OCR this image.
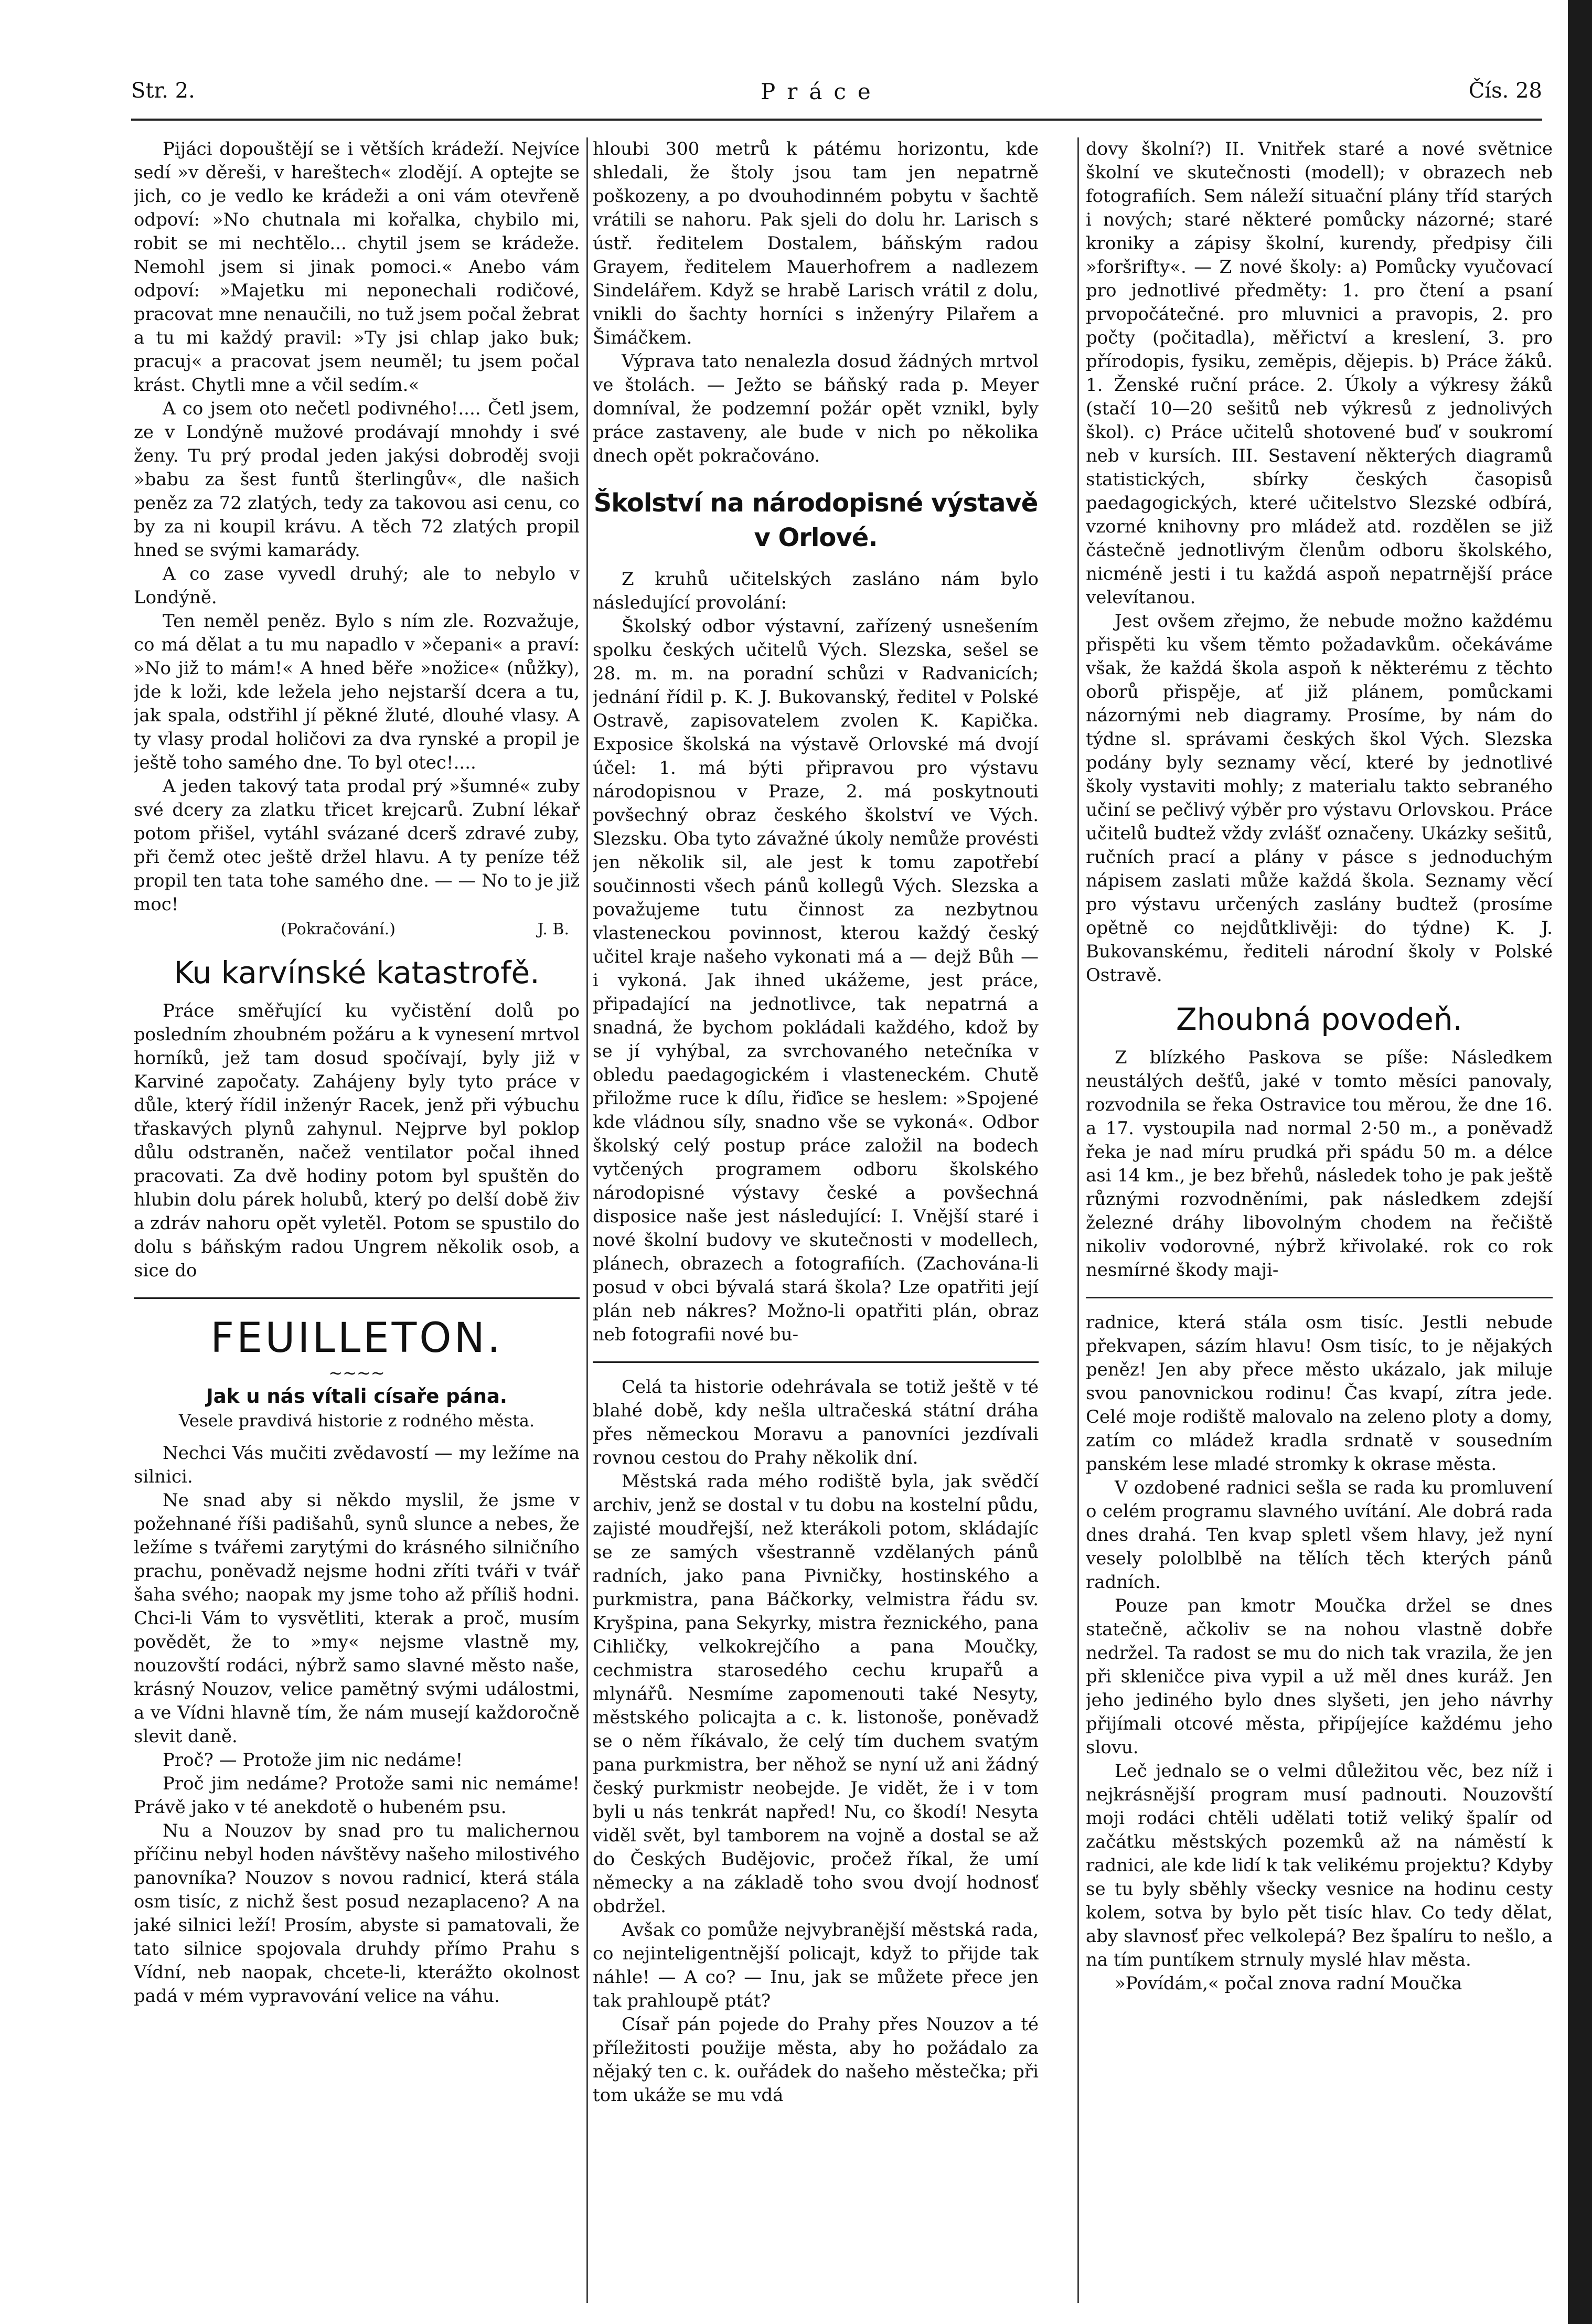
Str. 2.	Práce	Čís. 28

Pijáci dopouštějí se i větších krádeží. Nejvíce sedí »v děreši, v hareštech« zlodějí. A optejte se jich, co je vedlo ke krádeži a oni vám otevřeně odpoví: »No chutnala mi kořalka, chybilo mi, robit se mi nechtělo... chytil jsem se krádeže. Nemohl jsem si jinak pomoci.« Anebo vám odpoví: »Majetku mi neponechali rodičové, pracovat mne nenaučili, no tuž jsem počal žebrat a tu mi každý pravil: »Ty jsi chlap jako buk; pracuj« a pracovat jsem neuměl; tu jsem počal krást. Chytli mne a včil sedím.«

A co jsem oto nečetl podivného!.... Četl jsem, ze v Londýně mužové prodávají mnohdy i své ženy. Tu prý prodal jeden jakýsi dobroděj svoji »babu za šest funtů šterlingův«, dle našich peněz za 72 zlatých, tedy za takovou asi cenu, co by za ni koupil krávu. A těch 72 zlatých propil hned se svými kamarády.

A co zase vyvedl druhý; ale to nebylo v Londýně.

Ten neměl peněz. Bylo s ním zle. Rozvažuje, co má dělat a tu mu napadlo v »čepani« a praví: »No již to mám!« A hned běře »nožice« (nůžky), jde k loži, kde ležela jeho nejstarší dcera a tu, jak spala, odstřihl jí pěkné žluté, dlouhé vlasy. A ty vlasy prodal holičovi za dva rynské a propil je ještě toho samého dne. To byl otec!....

A jeden takový tata prodal prý »šumné« zuby své dcery za zlatku třicet krejcarů. Zubní lékař potom přišel, vytáhl svázané dcerš zdravé zuby, při čemž otec ještě držel hlavu. A ty peníze též propil ten tata tohe samého dne. — — No to je již moc!

(Pokračování.)	J. B.
Ku karvínské katastrofě.

Práce směřující ku vyčistění dolů po posledním zhoubném požáru a k vynesení mrtvol horníků, jež tam dosud spočívají, byly již v Karviné započaty. Zahájeny byly tyto práce v důle, který řídil inženýr Racek, jenž při výbuchu třaskavých plynů zahynul. Nejprve byl poklop důlu odstraněn, načež ventilator počal ihned pracovati. Za dvě hodiny potom byl spuštěn do hlubin dolu párek holubů, který po delší době živ a zdráv nahoru opět vyletěl. Potom se spustilo do dolu s báňským radou Ungrem několik osob, a sice do

FEUILLETON.
~~~~
Jak u nás vítali císaře pána.
Vesele pravdivá historie z rodného města.

Nechci Vás mučiti zvědavostí — my ležíme na silnici.

Ne snad aby si někdo myslil, že jsme v požehnané říši padišahů, synů slunce a nebes, že ležíme s tvářemi zarytými do krásného silničního prachu, poněvadž nejsme hodni zříti tváři v tvář šaha svého; naopak my jsme toho až příliš hodni. Chci-li Vám to vysvětliti, kterak a proč, musím povědět, že to »my« nejsme vlastně my, nouzovští rodáci, nýbrž samo slavné město naše, krásný Nouzov, velice pamětný svými událostmi, a ve Vídni hlavně tím, že nám musejí každoročně slevit daně.

Proč? — Protože jim nic nedáme!

Proč jim nedáme? Protože sami nic nemáme! Právě jako v té anekdotě o hubeném psu.

Nu a Nouzov by snad pro tu malichernou příčinu nebyl hoden návštěvy našeho milostivého panovníka? Nouzov s novou radnicí, která stála osm tisíc, z nichž šest posud nezaplaceno? A na jaké silnici leží! Prosím, abyste si pamatovali, že tato silnice spojovala druhdy přímo Prahu s Vídní, neb naopak, chcete-li, kterážto okolnost padá v mém vypravování velice na váhu.

hloubi 300 metrů k pátému horizontu, kde shledali, že štoly jsou tam jen nepatrně poškozeny, a po dvouhodinném pobytu v šachtě vrátili se nahoru. Pak sjeli do dolu hr. Larisch s ústř. ředitelem Dostalem, báňským radou Grayem, ředitelem Mauerhofrem a nadlezem Sindelářem. Když se hrabě Larisch vrátil z dolu, vnikli do šachty horníci s inženýry Pilařem a Šimáčkem.

Výprava tato nenalezla dosud žádných mrtvol ve štolách. — Ježto se báňský rada p. Meyer domníval, že podzemní požár opět vznikl, byly práce zastaveny, ale bude v nich po několika dnech opět pokračováno.

Školství na národopisné výstavě v Orlové.

Z kruhů učitelských zasláno nám bylo následující provolání:

Školský odbor výstavní, zařízený usnešením spolku českých učitelů Vých. Slezska, sešel se 28. m. m. na poradní schůzi v Radvanicích; jednání řídil p. K. J. Bukovanský, ředitel v Polské Ostravě, zapisovatelem zvolen K. Kapička. Exposice školská na výstavě Orlovské má dvojí účel: 1. má býti připravou pro výstavu národopisnou v Praze, 2. má poskytnouti povšechný obraz českého školství ve Vých. Slezsku. Oba tyto závažné úkoly nemůže provésti jen několik sil, ale jest k tomu zapotřebí součinnosti všech pánů kollegů Vých. Slezska a považujeme tutu činnost za nezbytnou vlasteneckou povinnost, kterou každý český učitel kraje našeho vykonati má a — dejž Bůh — i vykoná. Jak ihned ukážeme, jest práce, připadající na jednotlivce, tak nepatrná a snadná, že bychom pokládali každého, kdož by se jí vyhýbal, za svrchovaného netečníka v obledu paedagogickém i vlasteneckém. Chutě přiložme ruce k dílu, řiďice se heslem: »Spojené kde vládnou síly, snadno vše se vykoná«. Odbor školský celý postup práce založil na bodech vytčených programem odboru školského národopisné výstavy české a povšechná disposice naše jest následující: I. Vnější staré i nové školní budovy ve skutečnosti v modellech, plánech, obrazech a fotografiích. (Zachována-li posud v obci bývalá stará škola? Lze opatřiti její plán neb nákres? Možno-li opatřiti plán, obraz neb fotografii nové bu-

Celá ta historie odehrávala se totiž ještě v té blahé době, kdy nešla ultračeská státní dráha přes německou Moravu a panovníci jezdívali rovnou cestou do Prahy několik dní.

Městská rada mého rodiště byla, jak svědčí archiv, jenž se dostal v tu dobu na kostelní půdu, zajisté moudřejší, než kterákoli potom, skládajíc se ze samých všestranně vzdělaných pánů radních, jako pana Pivničky, hostinského a purkmistra, pana Báčkorky, velmistra řádu sv. Kryšpina, pana Sekyrky, mistra řeznického, pana Cihličky, velkokrejčího a pana Moučky, cechmistra starosedého cechu krupařů a mlynářů. Nesmíme zapomenouti také Nesyty, městského policajta a c. k. listonoše, poněvadž se o něm říkávalo, že celý tím duchem svatým pana purkmistra, ber něhož se nyní už ani žádný český purkmistr neobejde. Je vidět, že i v tom byli u nás tenkrát napřed! Nu, co škodí! Nesyta viděl svět, byl tamborem na vojně a dostal se až do Českých Budějovic, pročež říkal, že umí německy a na základě toho svou dvojí hodnosť obdržel.

Avšak co pomůže nejvybranější městská rada, co nejinteligentnější policajt, když to přijde tak náhle! — A co? — Inu, jak se můžete přece jen tak prahloupě ptát?

Císař pán pojede do Prahy přes Nouzov a té příležitosti použije města, aby ho požádalo za nějaký ten c. k. ouřádek do našeho městečka; při tom ukáže se mu vdá

dovy školní?) II. Vnitřek staré a nové světnice školní ve skutečnosti (modell); v obrazech neb fotografiích. Sem náleží situační plány tříd starých i nových; staré některé pomůcky názorné; staré kroniky a zápisy školní, kurendy, předpisy čili »foršrifty«. — Z nové školy: a) Pomůcky vyučovací pro jednotlivé předměty: 1. pro čtení a psaní prvopočátečné. pro mluvnici a pravopis, 2. pro počty (počitadla), měřictví a kreslení, 3. pro přírodopis, fysiku, zeměpis, dějepis. b) Práce žáků. 1. Ženské ruční práce. 2. Úkoly a výkresy žáků (stačí 10—20 sešitů neb výkresů z jednolivých škol). c) Práce učitelů shotovené buď v soukromí neb v kursích. III. Sestavení některých diagramů statistických, sbírky českých časopisů paedagogických, které učitelstvo Slezské odbírá, vzorné knihovny pro mládež atd. rozdělen se již částečně jednotlivým členům odboru školského, nicméně jesti i tu každá aspoň nepatrnější práce velevítanou.

Jest ovšem zřejmo, že nebude možno každému přispěti ku všem těmto požadavkům. očekáváme však, že každá škola aspoň k některému z těchto oborů přispěje, ať již plánem, pomůckami názornými neb diagramy. Prosíme, by nám do týdne sl. správami českých škol Vých. Slezska podány byly seznamy věcí, které by jednotlivé školy vystaviti mohly; z materialu takto sebraného učiní se pečlivý výběr pro výstavu Orlovskou. Práce učitelů budtež vždy zvlášť označeny. Ukázky sešitů, ručních prací a plány v pásce s jednoduchým nápisem zaslati může každá škola. Seznamy věcí pro výstavu určených zaslány budtež (prosíme opětně co nejdůtklivěji: do týdne) K. J. Bukovanskému, řediteli národní školy v Polské Ostravě.

Zhoubná povodeň.

Z blízkého Paskova se píše: Následkem neustálých dešťů, jaké v tomto měsíci panovaly, rozvodnila se řeka Ostravice tou měrou, že dne 16. a 17. vystoupila nad normal 2·50 m., a poněvadž řeka je nad míru prudká při spádu 50 m. a délce asi 14 km., je bez břehů, následek toho je pak ještě různými rozvodněními, pak následkem zdejší železné dráhy libovolným chodem na řečiště nikoliv vodorovné, nýbrž křivolaké. rok co rok nesmírné škody maji-

radnice, která stála osm tisíc. Jestli nebude překvapen, sázím hlavu! Osm tisíc, to je nějakých peněz! Jen aby přece město ukázalo, jak miluje svou panovnickou rodinu! Čas kvapí, zítra jede. Celé moje rodiště malovalo na zeleno ploty a domy, zatím co mládež kradla srdnatě v sousedním panském lese mladé stromky k okrase města.

V ozdobené radnici sešla se rada ku promluvení o celém programu slavného uvítání. Ale dobrá rada dnes drahá. Ten kvap spletl všem hlavy, jež nyní vesely pololblbě na tělích těch kterých pánů radních.

Pouze pan kmotr Moučka držel se dnes statečně, ačkoliv se na nohou vlastně dobře nedržel. Ta radost se mu do nich tak vrazila, že jen při skleničce piva vypil a už měl dnes kuráž. Jen jeho jediného bylo dnes slyšeti, jen jeho návrhy přijímali otcové města, připíjejíce každému jeho slovu.

Leč jednalo se o velmi důležitou věc, bez níž i nejkrásnější program musí padnouti. Nouzovští moji rodáci chtěli udělati totiž veliký špalír od začátku městských pozemků až na náměstí k radnici, ale kde lidí k tak velikému projektu? Kdyby se tu byly sběhly všecky vesnice na hodinu cesty kolem, sotva by bylo pět tisíc hlav. Co tedy dělat, aby slavnosť přec velkolepá? Bez špalíru to nešlo, a na tím puntíkem strnuly myslé hlav města.

»Povídám,« počal znova radní Moučka
